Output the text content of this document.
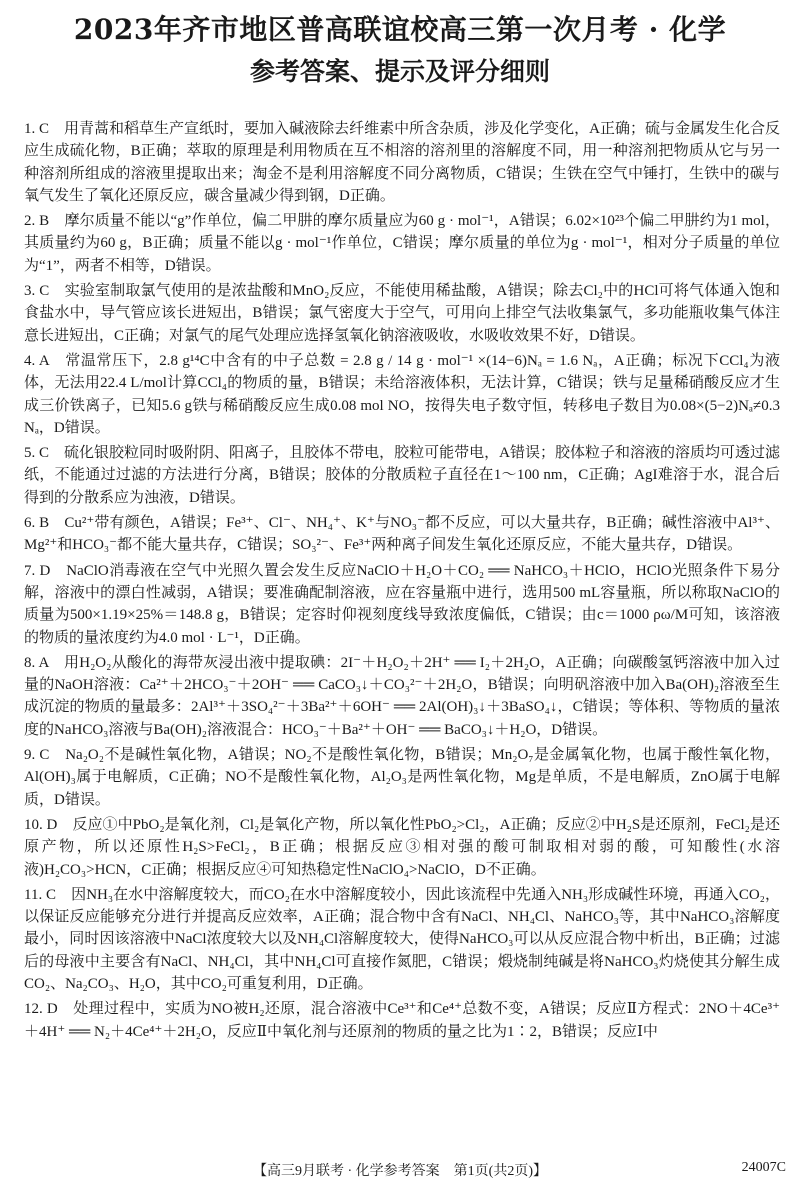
2023年齐市地区普高联谊校高三第一次月考 · 化学
参考答案、提示及评分细则

1. C　用青蒿和稻草生产宣纸时，要加入碱液除去纤维素中所含杂质，涉及化学变化，A正确；硫与金属发生化合反应生成硫化物，B正确；萃取的原理是利用物质在互不相溶的溶剂里的溶解度不同，用一种溶剂把物质从它与另一种溶剂所组成的溶液里提取出来；淘金不是利用溶解度不同分离物质，C错误；生铁在空气中锤打，生铁中的碳与氧气发生了氧化还原反应，碳含量减少得到钢，D正确。

2. B　摩尔质量不能以“g”作单位，偏二甲肼的摩尔质量应为60 g · mol⁻¹，A错误；6.02×10²³个偏二甲肼约为1 mol，其质量约为60 g，B正确；质量不能以g · mol⁻¹作单位，C错误；摩尔质量的单位为g · mol⁻¹，相对分子质量的单位为“1”，两者不相等，D错误。

3. C　实验室制取氯气使用的是浓盐酸和MnO₂反应，不能使用稀盐酸，A错误；除去Cl₂中的HCl可将气体通入饱和食盐水中，导气管应该长进短出，B错误；氯气密度大于空气，可用向上排空气法收集氯气，多功能瓶收集气体注意长进短出，C正确；对氯气的尾气处理应选择氢氧化钠溶液吸收，水吸收效果不好，D错误。

4. A　常温常压下，2.8 g¹⁴C中含有的中子总数 = 2.8 g / 14 g · mol⁻¹ ×(14−6)Nₐ = 1.6 Nₐ，A正确；标况下CCl₄为液体，无法用22.4 L/mol计算CCl₄的物质的量，B错误；未给溶液体积，无法计算，C错误；铁与足量稀硝酸反应才生成三价铁离子，已知5.6 g铁与稀硝酸反应生成0.08 mol NO，按得失电子数守恒，转移电子数目为0.08×(5−2)Nₐ≠0.3 Nₐ，D错误。

5. C　硫化银胶粒同时吸附阴、阳离子，且胶体不带电，胶粒可能带电，A错误；胶体粒子和溶液的溶质均可透过滤纸，不能通过过滤的方法进行分离，B错误；胶体的分散质粒子直径在1～100 nm，C正确；AgI难溶于水，混合后得到的分散系应为浊液，D错误。

6. B　Cu²⁺带有颜色，A错误；Fe³⁺、Cl⁻、NH₄⁺、K⁺与NO₃⁻都不反应，可以大量共存，B正确；碱性溶液中Al³⁺、Mg²⁺和HCO₃⁻都不能大量共存，C错误；SO₃²⁻、Fe³⁺两种离子间发生氧化还原反应，不能大量共存，D错误。

7. D　NaClO消毒液在空气中光照久置会发生反应NaClO＋H₂O＋CO₂ ══ NaHCO₃＋HClO，HClO光照条件下易分解，溶液中的漂白性减弱，A错误；要准确配制溶液，应在容量瓶中进行，选用500 mL容量瓶，所以称取NaClO的质量为500×1.19×25%＝148.8 g，B错误；定容时仰视刻度线导致浓度偏低，C错误；由c＝1000 ρω/M可知，该溶液的物质的量浓度约为4.0 mol · L⁻¹，D正确。

8. A　用H₂O₂从酸化的海带灰浸出液中提取碘：2I⁻＋H₂O₂＋2H⁺ ══ I₂＋2H₂O，A正确；向碳酸氢钙溶液中加入过量的NaOH溶液：Ca²⁺＋2HCO₃⁻＋2OH⁻ ══ CaCO₃↓＋CO₃²⁻＋2H₂O，B错误；向明矾溶液中加入Ba(OH)₂溶液至生成沉淀的物质的量最多：2Al³⁺＋3SO₄²⁻＋3Ba²⁺＋6OH⁻ ══ 2Al(OH)₃↓＋3BaSO₄↓，C错误；等体积、等物质的量浓度的NaHCO₃溶液与Ba(OH)₂溶液混合：HCO₃⁻＋Ba²⁺＋OH⁻ ══ BaCO₃↓＋H₂O，D错误。

9. C　Na₂O₂不是碱性氧化物，A错误；NO₂不是酸性氧化物，B错误；Mn₂O₇是金属氧化物，也属于酸性氧化物，Al(OH)₃属于电解质，C正确；NO不是酸性氧化物，Al₂O₃是两性氧化物，Mg是单质，不是电解质，ZnO属于电解质，D错误。

10. D　反应①中PbO₂是氧化剂，Cl₂是氧化产物，所以氧化性PbO₂>Cl₂，A正确；反应②中H₂S是还原剂，FeCl₂是还原产物，所以还原性H₂S>FeCl₂，B正确；根据反应③相对强的酸可制取相对弱的酸，可知酸性(水溶液)H₂CO₃>HCN，C正确；根据反应④可知热稳定性NaClO₄>NaClO，D不正确。

11. C　因NH₃在水中溶解度较大，而CO₂在水中溶解度较小，因此该流程中先通入NH₃形成碱性环境，再通入CO₂，以保证反应能够充分进行并提高反应效率，A正确；混合物中含有NaCl、NH₄Cl、NaHCO₃等，其中NaHCO₃溶解度最小，同时因该溶液中NaCl浓度较大以及NH₄Cl溶解度较大，使得NaHCO₃可以从反应混合物中析出，B正确；过滤后的母液中主要含有NaCl、NH₄Cl，其中NH₄Cl可直接作氮肥，C错误；煅烧制纯碱是将NaHCO₃灼烧使其分解生成CO₂、Na₂CO₃、H₂O，其中CO₂可重复利用，D正确。

12. D　处理过程中，实质为NO被H₂还原，混合溶液中Ce³⁺和Ce⁴⁺总数不变，A错误；反应Ⅱ方程式：2NO＋4Ce³⁺＋4H⁺ ══ N₂＋4Ce⁴⁺＋2H₂O，反应Ⅱ中氧化剂与还原剂的物质的量之比为1∶2，B错误；反应Ⅰ中

【高三9月联考 · 化学参考答案　第1页(共2页)】	24007C
